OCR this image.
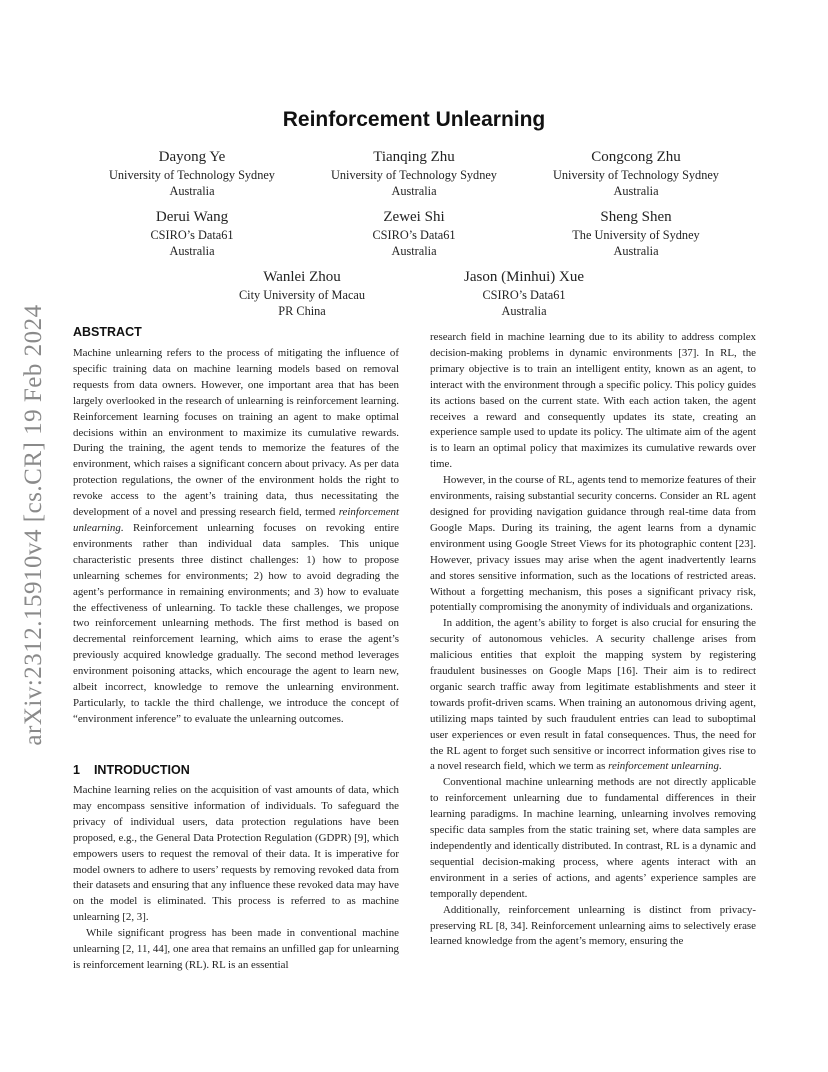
arXiv:2312.15910v4 [cs.CR] 19 Feb 2024
Reinforcement Unlearning
Dayong Ye
University of Technology Sydney
Australia
Tianqing Zhu
University of Technology Sydney
Australia
Congcong Zhu
University of Technology Sydney
Australia
Derui Wang
CSIRO’s Data61
Australia
Zewei Shi
CSIRO’s Data61
Australia
Sheng Shen
The University of Sydney
Australia
Wanlei Zhou
City University of Macau
PR China
Jason (Minhui) Xue
CSIRO’s Data61
Australia
ABSTRACT

Machine unlearning refers to the process of mitigating the influence of specific training data on machine learning models based on removal requests from data owners. However, one important area that has been largely overlooked in the research of unlearning is reinforcement learning. Reinforcement learning focuses on training an agent to make optimal decisions within an environment to maximize its cumulative rewards. During the training, the agent tends to memorize the features of the environment, which raises a significant concern about privacy. As per data protection regulations, the owner of the environment holds the right to revoke access to the agent’s training data, thus necessitating the development of a novel and pressing research field, termed reinforcement unlearning. Reinforcement unlearning focuses on revoking entire environments rather than individual data samples. This unique characteristic presents three distinct challenges: 1) how to propose unlearning schemes for environments; 2) how to avoid degrading the agent’s performance in remaining environments; and 3) how to evaluate the effectiveness of unlearning. To tackle these challenges, we propose two reinforcement unlearning methods. The first method is based on decremental reinforcement learning, which aims to erase the agent’s previously acquired knowledge gradually. The second method leverages environment poisoning attacks, which encourage the agent to learn new, albeit incorrect, knowledge to remove the unlearning environment. Particularly, to tackle the third challenge, we introduce the concept of “environment inference” to evaluate the unlearning outcomes.

1 INTRODUCTION

Machine learning relies on the acquisition of vast amounts of data, which may encompass sensitive information of individuals. To safeguard the privacy of individual users, data protection regulations have been proposed, e.g., the General Data Protection Regulation (GDPR) [9], which empowers users to request the removal of their data. It is imperative for model owners to adhere to users’ requests by removing revoked data from their datasets and ensuring that any influence these revoked data may have on the model is eliminated. This process is referred to as machine unlearning [2, 3].

While significant progress has been made in conventional machine unlearning [2, 11, 44], one area that remains an unfilled gap for unlearning is reinforcement learning (RL). RL is an essential

research field in machine learning due to its ability to address complex decision-making problems in dynamic environments [37]. In RL, the primary objective is to train an intelligent entity, known as an agent, to interact with the environment through a specific policy. This policy guides its actions based on the current state. With each action taken, the agent receives a reward and consequently updates its state, creating an experience sample used to update its policy. The ultimate aim of the agent is to learn an optimal policy that maximizes its cumulative rewards over time.

However, in the course of RL, agents tend to memorize features of their environments, raising substantial security concerns. Consider an RL agent designed for providing navigation guidance through real-time data from Google Maps. During its training, the agent learns from a dynamic environment using Google Street Views for its photographic content [23]. However, privacy issues may arise when the agent inadvertently learns and stores sensitive information, such as the locations of restricted areas. Without a forgetting mechanism, this poses a significant privacy risk, potentially compromising the anonymity of individuals and organizations.

In addition, the agent’s ability to forget is also crucial for ensuring the security of autonomous vehicles. A security challenge arises from malicious entities that exploit the mapping system by registering fraudulent businesses on Google Maps [16]. Their aim is to redirect organic search traffic away from legitimate establishments and steer it towards profit-driven scams. When training an autonomous driving agent, utilizing maps tainted by such fraudulent entries can lead to suboptimal user experiences or even result in fatal consequences. Thus, the need for the RL agent to forget such sensitive or incorrect information gives rise to a novel research field, which we term as reinforcement unlearning.

Conventional machine unlearning methods are not directly applicable to reinforcement unlearning due to fundamental differences in their learning paradigms. In machine learning, unlearning involves removing specific data samples from the static training set, where data samples are independently and identically distributed. In contrast, RL is a dynamic and sequential decision-making process, where agents interact with an environment in a series of actions, and agents’ experience samples are temporally dependent.

Additionally, reinforcement unlearning is distinct from privacy-preserving RL [8, 34]. Reinforcement unlearning aims to selectively erase learned knowledge from the agent’s memory, ensuring the
